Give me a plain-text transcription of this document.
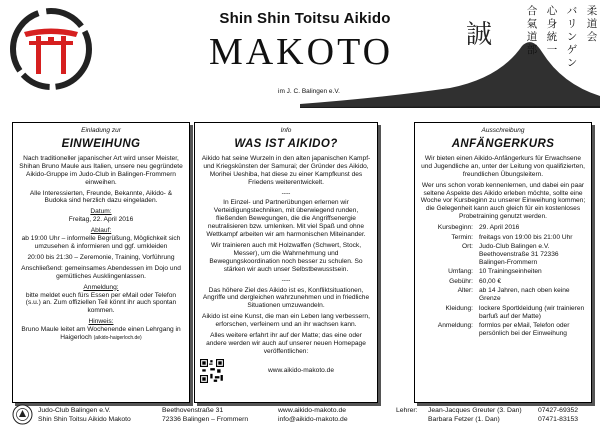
Shin Shin Toitsu Aikido
MAKOTO
im J. C. Balingen e.V.
誠
柔道会
バリンゲン
心身統一
合氣道部
Einladung zur
EINWEIHUNG
Nach traditioneller japanischer Art wird unser Meister, Shihan Bruno Maule aus Italien, unsere neu gegründete Aikido-Gruppe im Judo-Club in Balingen-Frommern einweihen.
Alle Interessierten, Freunde, Bekannte, Aikido- & Budoka sind herzlich dazu eingeladen.
Datum:
Freitag, 22. April 2016
Ablauf:
ab 19:00 Uhr – informelle Begrüßung, Möglichkeit sich umzusehen & informieren und ggf. umkleiden
20:00 bis 21:30 – Zeremonie, Training, Vorführung
Anschließend: gemeinsames Abendessen im Dojo und gemütliches Ausklingenlassen.
Anmeldung:
bitte meldet euch fürs Essen per eMail oder Telefon (s.u.) an. Zum offiziellen Teil könnt ihr auch spontan kommen.
Hinweis:
Bruno Maule leitet am Wochenende einen Lehrgang in Haigerloch (aikido-haigerloch.de)
Info
WAS IST AIKIDO?
Aikido hat seine Wurzeln in den alten japanischen Kampf- und Kriegskünsten der Samurai; der Gründer des Aikido, Morihei Ueshiba, hat diese zu einer Kampfkunst des Friedens weiterentwickelt.
----
In Einzel- und Partnerübungen erlernen wir Verteidigungstechniken, mit überwiegend runden, fließenden Bewegungen, die die Angriffsenergie neutralisieren bzw. umlenken. Mit viel Spaß und ohne Wettkampf arbeiten wir am harmonischen Miteinander.
Wir trainieren auch mit Holzwaffen (Schwert, Stock, Messer), um die Wahrnehmung und Bewegungskoordination noch besser zu schulen. So stärken wir auch unser Selbstbewusstsein.
----
Das höhere Ziel des Aikido ist es, Konfliktsituationen, Angriffe und dergleichen wahrzunehmen und in friedliche Situationen umzuwandeln.
Aikido ist eine Kunst, die man ein Leben lang verbessern, erforschen, verfeinern und an ihr wachsen kann.
Alles weitere erfahrt ihr auf der Matte; das eine oder andere werden wir auch auf unserer neuen Homepage veröffentlichen:
www.aikido-makoto.de
Ausschreibung
ANFÄNGERKURS
Wir bieten einen Aikido-Anfängerkurs für Erwachsene und Jugendliche an, unter der Leitung von qualifizierten, freundlichen Übungsleitern.
Wer uns schon vorab kennenlernen, und dabei ein paar seltene Aspekte des Aikido erleben möchte, sollte eine Woche vor Kursbeginn zu unserer Einweihung kommen; die Gelegenheit kann auch gleich für ein kostenloses Probetraining genutzt werden.
Kursbeginn:	29. April 2016
Termin:	freitags von 19:00 bis 21:00 Uhr
Ort:	Judo-Club Balingen e.V. Beethovenstraße 31 72336 Balingen-Frommern
Umfang:	10 Trainingseinheiten
Gebühr:	60,00 €
Alter:	ab 14 Jahren, nach oben keine Grenze
Kleidung:	lockere Sportkleidung (wir trainieren barfuß auf der Matte)
Anmeldung:	formlos per eMail, Telefon oder persönlich bei der Einweihung
Judo-Club Balingen e.V.
Shin Shin Toitsu Aikido Makoto
Beethovenstraße 31
72336 Balingen – Frommern
www.aikido-makoto.de
info@aikido-makoto.de
Lehrer: Jean-Jacques Greuter (3. Dan)
Barbara Fetzer (1. Dan)
07427-69352
07471-83153
